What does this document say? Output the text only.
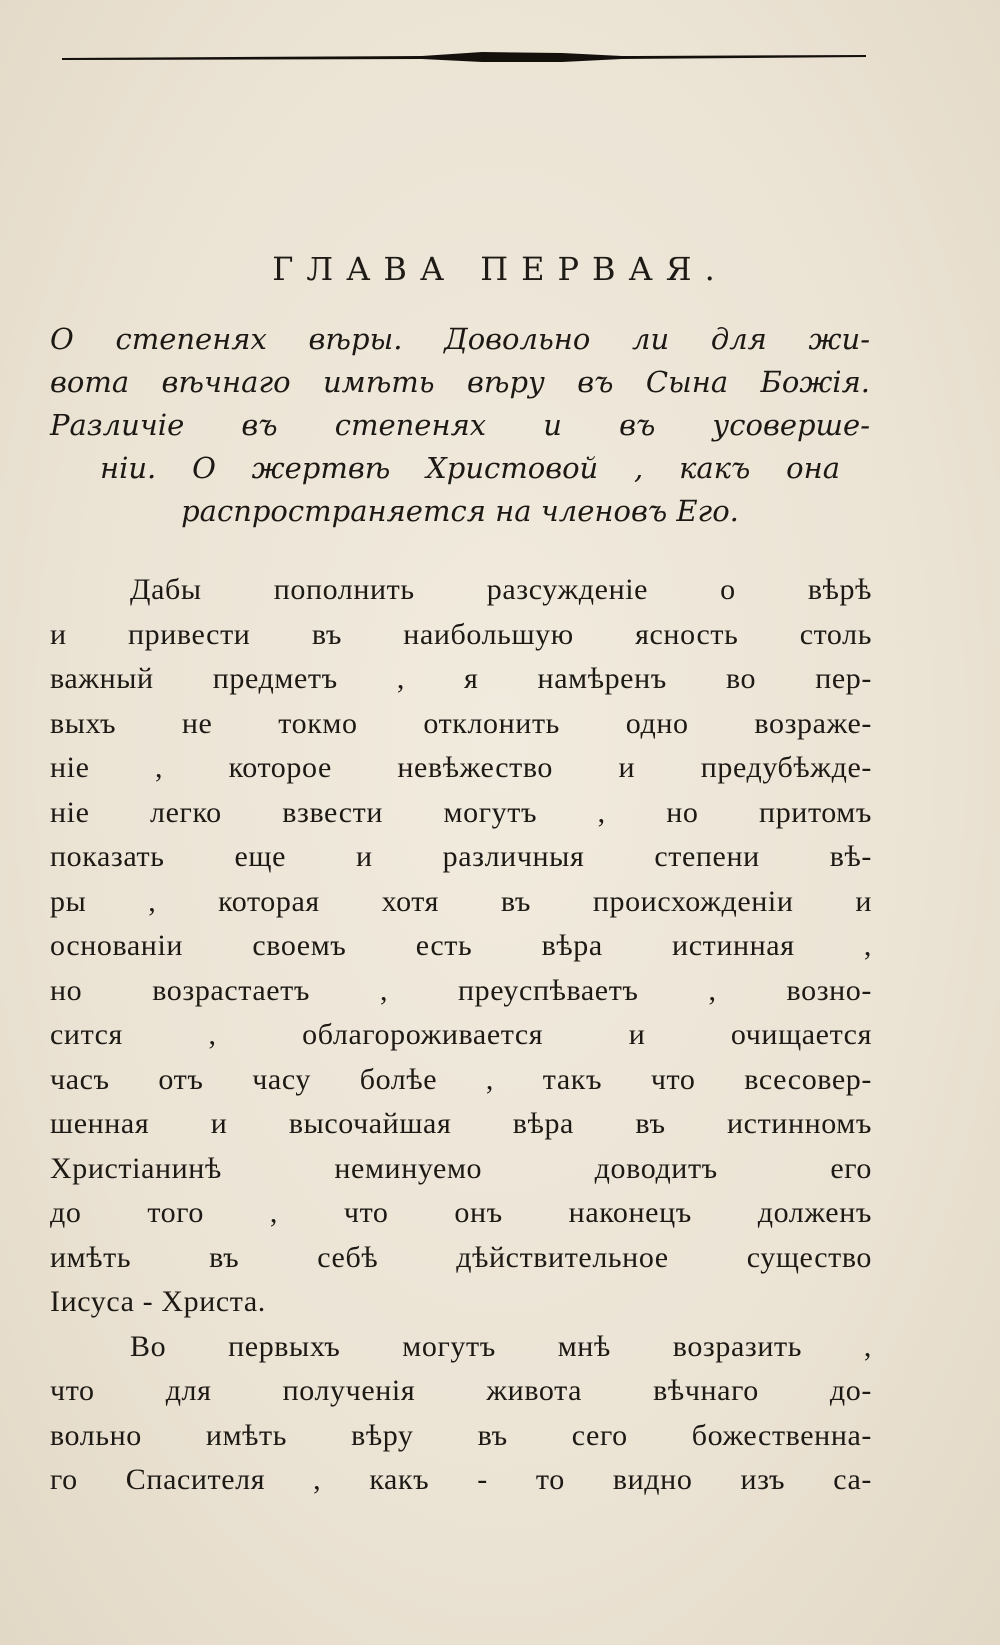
ГЛАВА ПЕРВАЯ.

О степенях вѣры. Довольно ли для жи-
вота вѣчнаго имѣть вѣру въ Сына Божія.
Различіе въ степенях и въ усоверше-
ніи. О жертвѣ Христовой , какъ она
распространяется на членовъ Его.

Дабы пополнить разсужденіе о вѣрѣ
и привести въ наибольшую ясность столь
важный предметъ , я намѣренъ во пер-
выхъ не токмо отклонить одно возраже-
ніе , которое невѣжество и предубѣжде-
ніе легко взвести могутъ , но притомъ
показать еще и различныя степени вѣ-
ры , которая хотя въ происхожденіи и
основаніи своемъ есть вѣра истинная ,
но возрастаетъ , преуспѣваетъ , возно-
сится , облагороживается и очищается
часъ отъ часу болѣе , такъ что всесовер-
шенная и высочайшая вѣра въ истинномъ
Христіанинѣ неминуемо доводитъ его
до того , что онъ наконецъ долженъ
имѣть въ себѣ дѣйствительное существо
Іисуса - Христа.
Во первыхъ могутъ мнѣ возразить ,
что для полученія живота вѣчнаго до-
вольно имѣть вѣру въ сего божественна-
го Спасителя , какъ - то видно изъ са-
